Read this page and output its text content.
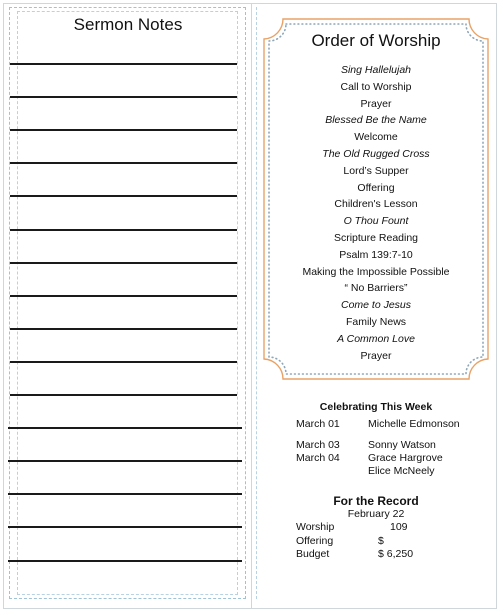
Sermon Notes
Order of Worship
Sing Hallelujah
Call to Worship
Prayer
Blessed Be the Name
Welcome
The Old Rugged Cross
Lord’s Supper
Offering
Children's Lesson
O Thou Fount
Scripture Reading
Psalm 139:7-10
Making the Impossible Possible
“ No Barriers”
Come to Jesus
Family News
A Common Love
Prayer
Celebrating This Week
March 01	Michelle Edmonson
March 03	Sonny Watson
March 04	Grace Hargrove
Elice McNeely
For the Record
February 22
Worship	109
Offering	$
Budget	$ 6,250
